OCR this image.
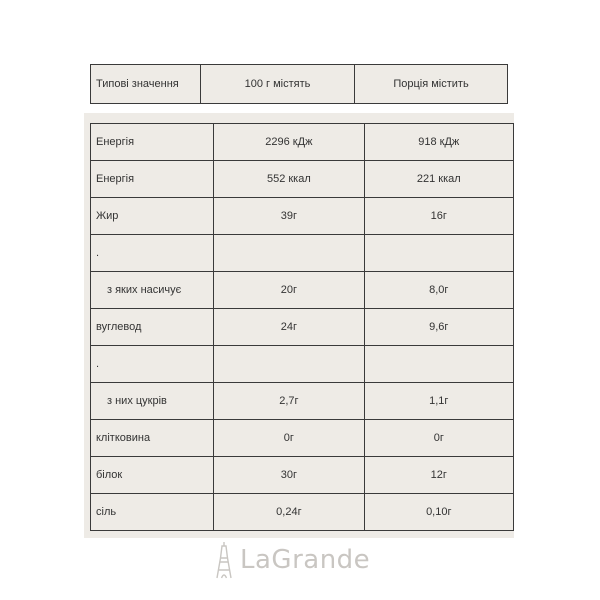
Типові значення	100 г містять	Порція містить
Енергія	2296 кДж	918 кДж
Енергія	552 ккал	221 ккал
Жир	39г	16г
.		
з яких насичує	20г	8,0г
вуглевод	24г	9,6г
.		
з них цукрів	2,7г	1,1г
клітковина	0г	0г
білок	30г	12г
сіль	0,24г	0,10г
LaGrande
